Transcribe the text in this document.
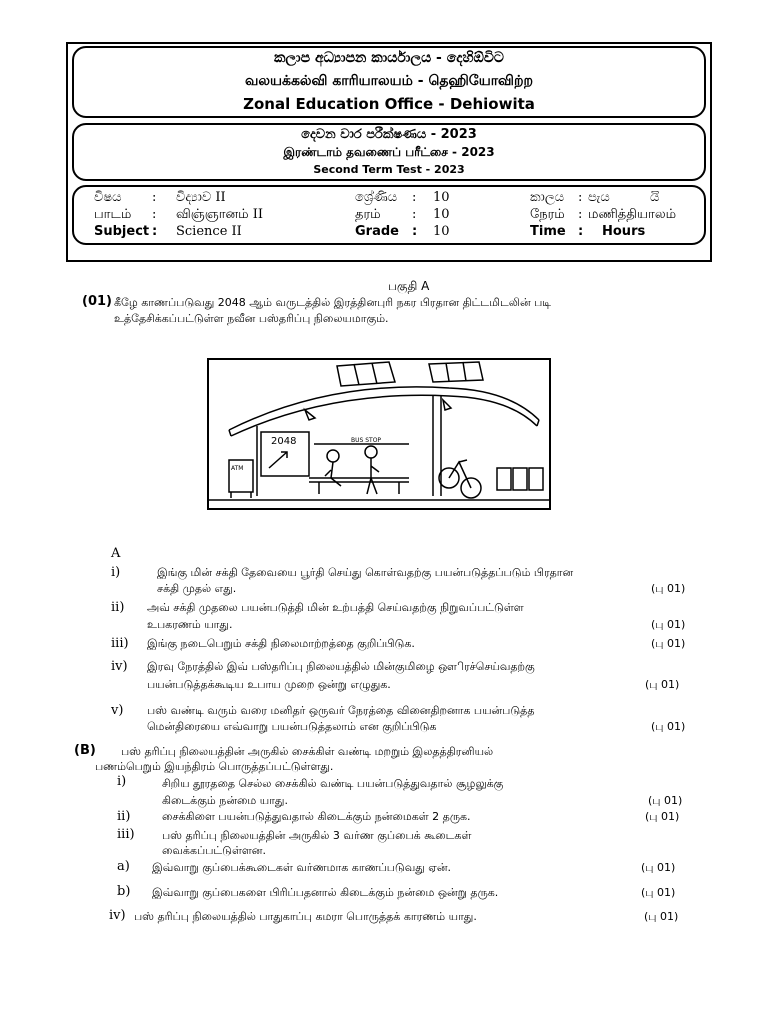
කලාප අධ්‍යාපන කාර්යාලය - දෙහිඕවිට
வலயக்கல்வி காரியாலயம் - தெஹியோவிற்ற
Zonal Education Office - Dehiowita
දෙවන වාර පරීක්ෂණය - 2023
இரண்டாம் தவணைப் பரீட்சை - 2023
Second Term Test - 2023
විෂය : විද්‍යාව II	ශ්‍රේණිය : 10	කාලය : පැය	යි
பாடம் : விஞ்ஞானம் II	தரம் : 10	நேரம் : மணித்தியாலம்
Subject : Science II	Grade : 10	Time : Hours
பகுதி A
(01) கீழே காணப்படுவது 2048 ஆம் வருடத்தில் இரத்தினபுரி நகர பிரதான திட்டமிடலின் படி
உத்தேசிக்கப்பட்டுள்ள நவீன பஸ்தரிப்பு நிலையமாகும்.
2048	BUS STOP
ATM
A
i)	இங்கு மின் சக்தி தேவையை பூர்தி செய்து கொள்வதற்கு பயன்படுத்தப்படும் பிரதான
சக்தி முதல் எது.	(பு 01)
ii) அவ் சக்தி முதலை பயன்படுத்தி மின் உற்பத்தி செய்வதற்கு நிறுவப்பட்டுள்ள
உபகரணம் யாது.	(பு 01)
iii) இங்கு நடைபெறும் சக்தி நிலைமாற்றத்தை குறிப்பிடுக.	(பு 01)
iv) இரவு நேரத்தில் இவ் பஸ்தரிப்பு நிலையத்தில் மின்குமிழை ஔிரச்செய்வதற்கு
பயன்படுத்தக்கூடிய உபாய முறை ஒன்று எழுதுக.	(பு 01)
v) பஸ் வண்டி வரும் வரை மனிதர் ஒருவர் நேரத்தை வினைதிறனாக பயன்படுத்த
மென்திரையை எவ்வாறு பயன்படுத்தலாம் என குறிப்பிடுக	(பு 01)
(B) பஸ் தரிப்பு நிலையத்தின் அருகில் சைக்கிள் வண்டி மறறும் இலதத்திரனியல்
பணம்பெறும் இயந்திரம் பொருத்தப்பட்டுள்ளது.
i)	சிறிய தூரததை செல்ல சைக்கில் வண்டி பயன்படுத்துவதால் சூழலுக்கு
கிடைக்கும் நன்மை யாது.	(பு 01)
ii)	சைக்கிளை பயன்படுத்துவதால் கிடைக்கும் நன்மைகள் 2 தருக.	(பு 01)
iii) பஸ் தரிப்பு நிலையத்தின் அருகில் 3 வர்ண குப்பைக் கூடைகள்
வைக்கப்பட்டுள்ளன.
a) இவ்வாறு குப்பைக்கூடைகள் வர்ணமாக காணப்படுவது ஏன்.	(பு 01)
b) இவ்வாறு குப்பைகளை பிரிப்பதனால் கிடைக்கும் நன்மை ஒன்று தருக.	(பு 01)
iv) பஸ் தரிப்பு நிலையத்தில் பாதுகாப்பு கமரா பொருத்தக் காரணம் யாது.	(பு 01)
